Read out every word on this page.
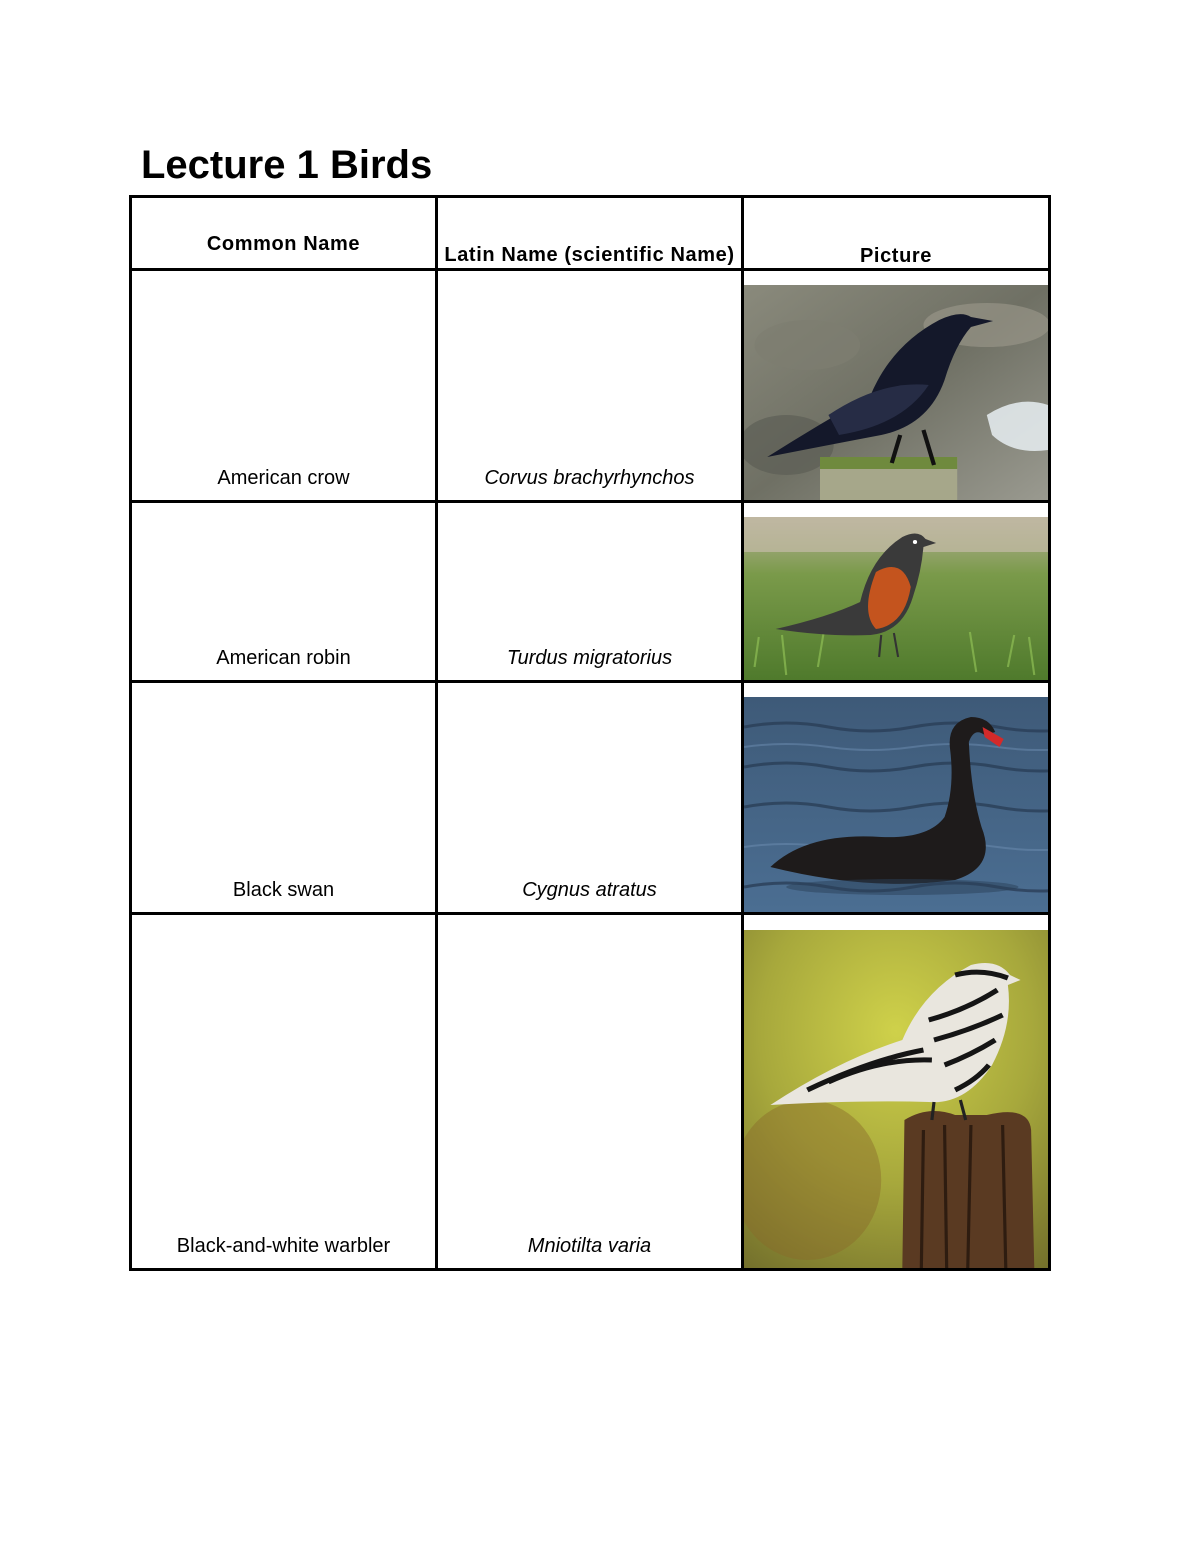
Lecture 1 Birds
Common Name	Latin Name (scientific Name)	Picture

American crow	Corvus brachyrhynchos

American robin	Turdus migratorius

Black swan	Cygnus atratus

Black-and-white warbler	Mniotilta varia
